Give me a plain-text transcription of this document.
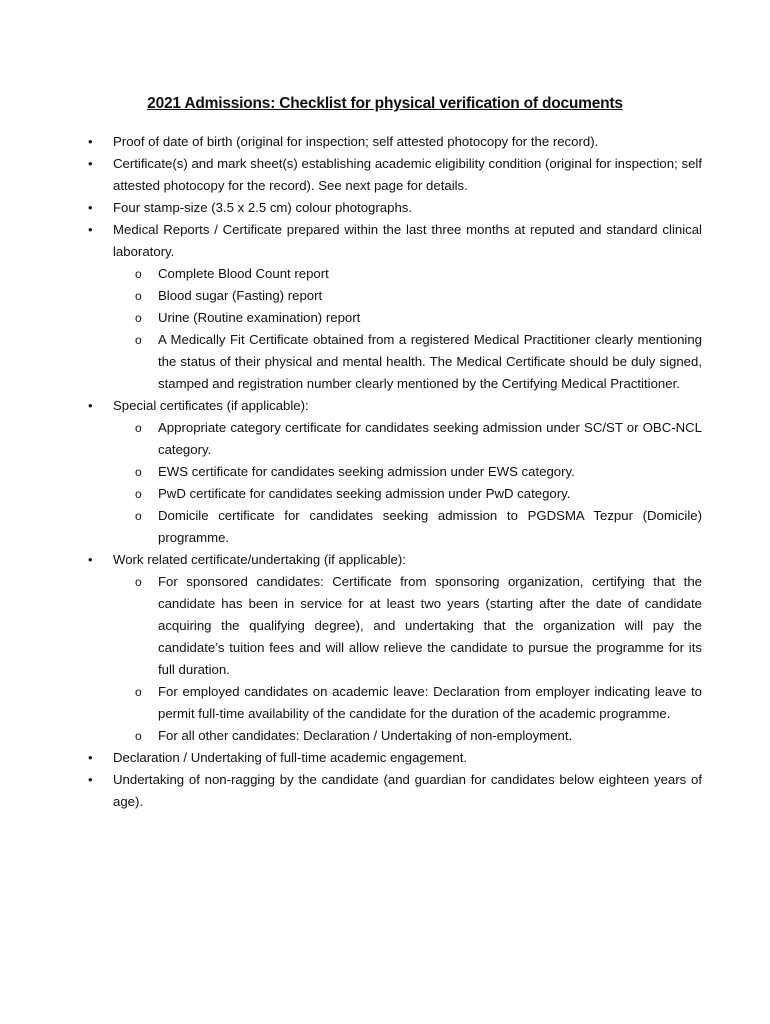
2021 Admissions: Checklist for physical verification of documents
• Proof of date of birth (original for inspection; self attested photocopy for the record).
• Certificate(s) and mark sheet(s) establishing academic eligibility condition (original for inspection; self attested photocopy for the record). See next page for details.
• Four stamp-size (3.5 x 2.5 cm) colour photographs.
• Medical Reports / Certificate prepared within the last three months at reputed and standard clinical laboratory.
o Complete Blood Count report
o Blood sugar (Fasting) report
o Urine (Routine examination) report
o A Medically Fit Certificate obtained from a registered Medical Practitioner clearly mentioning the status of their physical and mental health. The Medical Certificate should be duly signed, stamped and registration number clearly mentioned by the Certifying Medical Practitioner.
• Special certificates (if applicable):
o Appropriate category certificate for candidates seeking admission under SC/ST or OBC-NCL category.
o EWS certificate for candidates seeking admission under EWS category.
o PwD certificate for candidates seeking admission under PwD category.
o Domicile certificate for candidates seeking admission to PGDSMA Tezpur (Domicile) programme.
• Work related certificate/undertaking (if applicable):
o For sponsored candidates: Certificate from sponsoring organization, certifying that the candidate has been in service for at least two years (starting after the date of candidate acquiring the qualifying degree), and undertaking that the organization will pay the candidate’s tuition fees and will allow relieve the candidate to pursue the programme for its full duration.
o For employed candidates on academic leave: Declaration from employer indicating leave to permit full-time availability of the candidate for the duration of the academic programme.
o For all other candidates: Declaration / Undertaking of non-employment.
• Declaration / Undertaking of full-time academic engagement.
• Undertaking of non-ragging by the candidate (and guardian for candidates below eighteen years of age).
